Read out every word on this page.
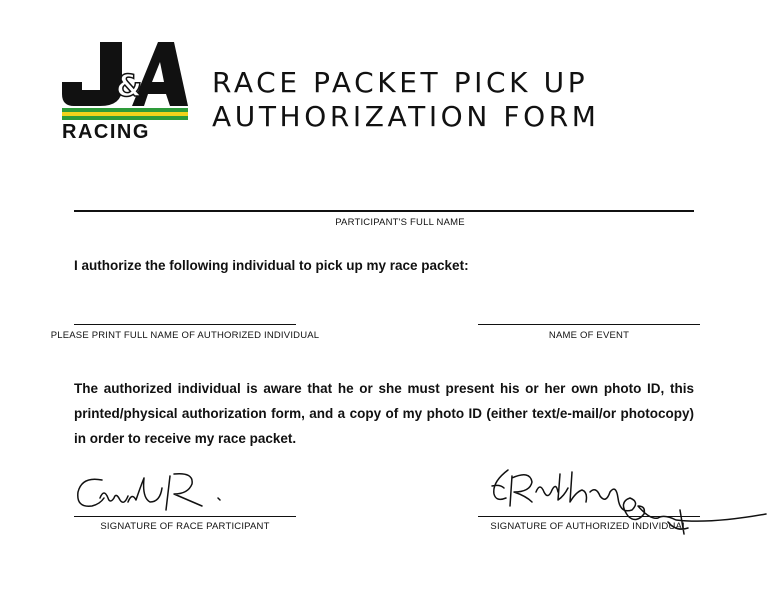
&
RACING
RACE PACKET PICK UP
AUTHORIZATION FORM
PARTICIPANT'S FULL NAME
I authorize the following individual to pick up my race packet:
PLEASE PRINT FULL NAME OF AUTHORIZED INDIVIDUAL	NAME OF EVENT
The authorized individual is aware that he or she must present his or her own photo ID, this printed/physical authorization form, and a copy of my photo ID (either text/e-mail/or photocopy) in order to receive my race packet.
SIGNATURE OF RACE PARTICIPANT	SIGNATURE OF AUTHORIZED INDIVIDUAL
